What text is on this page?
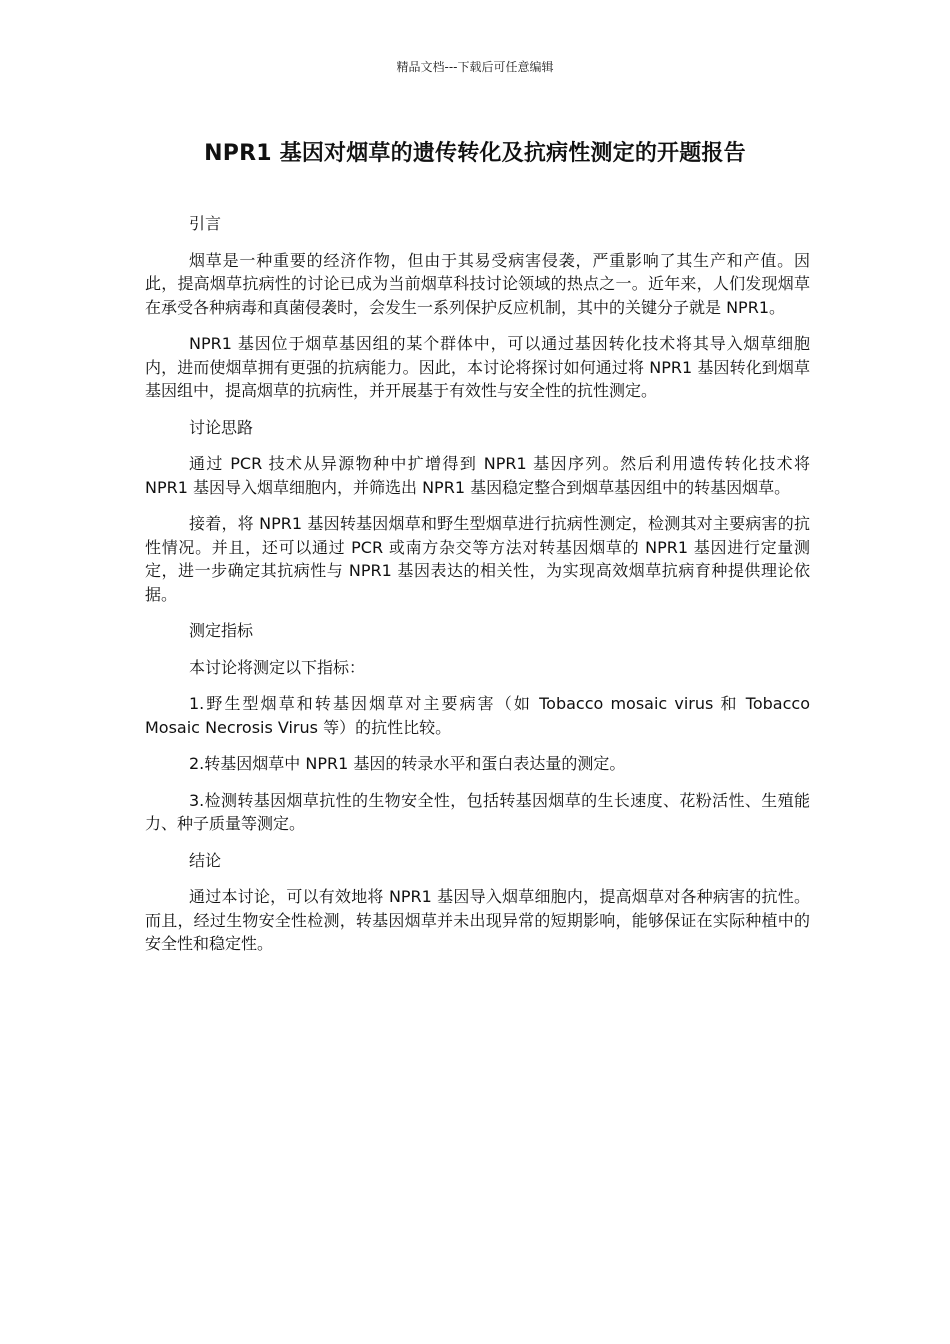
精品文档---下载后可任意编辑
NPR1 基因对烟草的遗传转化及抗病性测定的开题报告

引言

烟草是一种重要的经济作物，但由于其易受病害侵袭，严重影响了其生产和产值。因此，提高烟草抗病性的讨论已成为当前烟草科技讨论领域的热点之一。近年来，人们发现烟草在承受各种病毒和真菌侵袭时，会发生一系列保护反应机制，其中的关键分子就是 NPR1。

NPR1 基因位于烟草基因组的某个群体中，可以通过基因转化技术将其导入烟草细胞内，进而使烟草拥有更强的抗病能力。因此，本讨论将探讨如何通过将 NPR1 基因转化到烟草基因组中，提高烟草的抗病性，并开展基于有效性与安全性的抗性测定。

讨论思路

通过 PCR 技术从异源物种中扩增得到 NPR1 基因序列。然后利用遗传转化技术将 NPR1 基因导入烟草细胞内，并筛选出 NPR1 基因稳定整合到烟草基因组中的转基因烟草。

接着，将 NPR1 基因转基因烟草和野生型烟草进行抗病性测定，检测其对主要病害的抗性情况。并且，还可以通过 PCR 或南方杂交等方法对转基因烟草的 NPR1 基因进行定量测定，进一步确定其抗病性与 NPR1 基因表达的相关性，为实现高效烟草抗病育种提供理论依据。

测定指标

本讨论将测定以下指标：

1.野生型烟草和转基因烟草对主要病害（如 Tobacco mosaic virus 和 Tobacco Mosaic Necrosis Virus 等）的抗性比较。

2.转基因烟草中 NPR1 基因的转录水平和蛋白表达量的测定。

3.检测转基因烟草抗性的生物安全性，包括转基因烟草的生长速度、花粉活性、生殖能力、种子质量等测定。

结论

通过本讨论，可以有效地将 NPR1 基因导入烟草细胞内，提高烟草对各种病害的抗性。而且，经过生物安全性检测，转基因烟草并未出现异常的短期影响，能够保证在实际种植中的安全性和稳定性。
